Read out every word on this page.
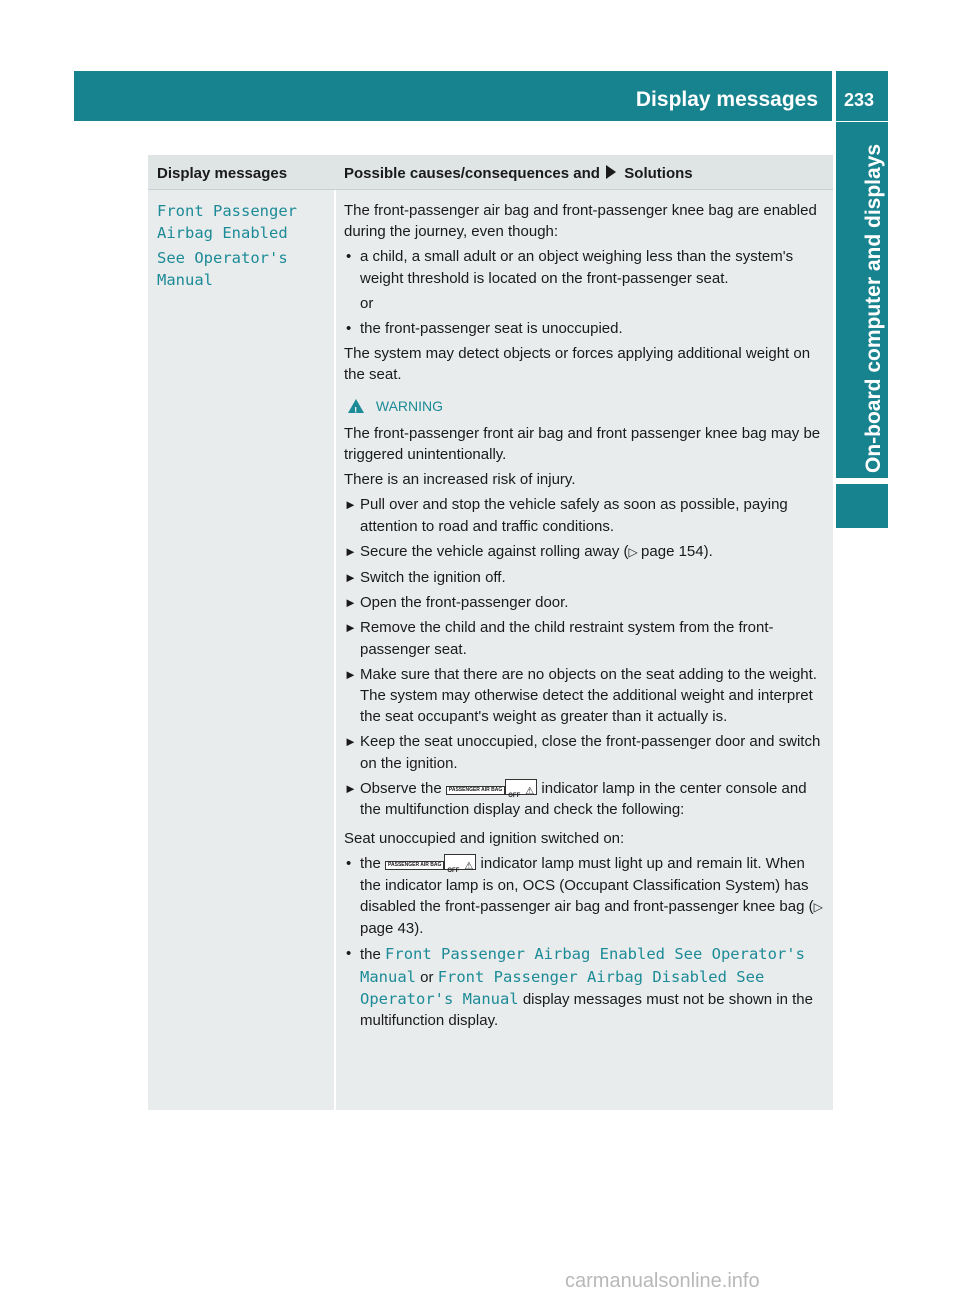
Display messages 233
On-board computer and displays
Display messages	Possible causes/consequences and Solutions
Front Passenger
Airbag Enabled
See Operator's
Manual

The front-passenger air bag and front-passenger knee bag are enabled during the journey, even though:

• a child, a small adult or an object weighing less than the system's weight threshold is located on the front-passenger seat.
or
• the front-passenger seat is unoccupied.

The system may detect objects or forces applying additional weight on the seat.

! WARNING

The front-passenger front air bag and front passenger knee bag may be triggered unintentionally.

There is an increased risk of injury.

► Pull over and stop the vehicle safely as soon as possible, paying attention to road and traffic conditions.
► Secure the vehicle against rolling away (▷ page 154).
► Switch the ignition off.
► Open the front-passenger door.
► Remove the child and the child restraint system from the front-passenger seat.
► Make sure that there are no objects on the seat adding to the weight.
The system may otherwise detect the additional weight and interpret the seat occupant's weight as greater than it actually is.
► Keep the seat unoccupied, close the front-passenger door and switch on the ignition.
► Observe the PASSENGER AIR BAG
OFF ⚠ indicator lamp in the center console and the multifunction display and check the following:

Seat unoccupied and ignition switched on:

• the PASSENGER AIR BAG
OFF ⚠ indicator lamp must light up and remain lit. When the indicator lamp is on, OCS (Occupant Classification System) has disabled the front-passenger air bag and front-passenger knee bag (▷ page 43).
• the Front Passenger Airbag Enabled See Operator's Manual or Front Passenger Airbag Disabled See Operator's Manual display messages must not be shown in the multifunction display.
carmanualsonline.info
